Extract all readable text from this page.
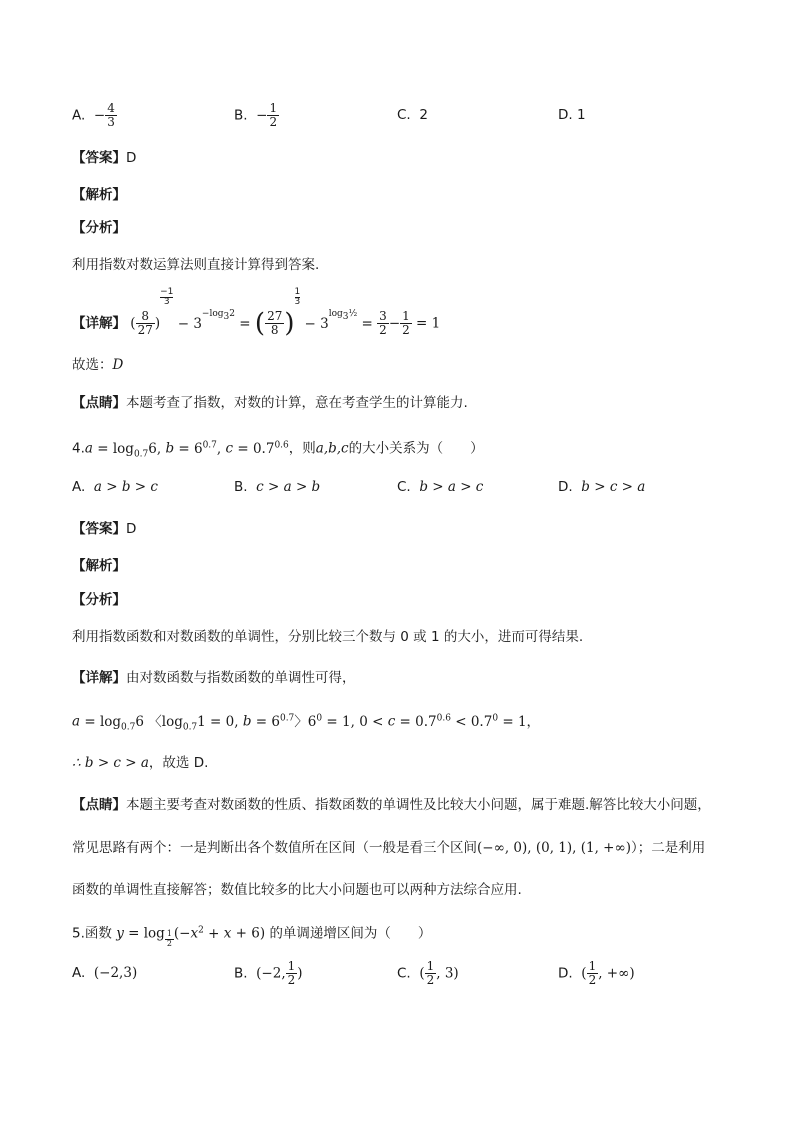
A. − $\frac{4}{3}$	B. − $\frac{1}{2}$	C. 2	D. 1
【答案】D
【解析】
【分析】
利用指数对数运算法则直接计算得到答案.
【详解】 ( $\frac{8}{27}$ )
$\frac{-1}{3}$
− $3^{-log_32}$ = ( $\frac{27}{8}$ )
$\frac{1}{3}$
− $3^{log_3\frac{1}{2}} = \frac{3}{2} - \frac{1}{2} = 1$
故选：D
【点睛】本题考查了指数，对数的计算，意在考查学生的计算能力.
$4.a = \log_{0.7}6$, $b = 6^{0.7}$, $c = 0.7^{0.6}$，则a,b,c的大小关系为（　　）
A. a > b > c	B. c > a > b	C. b > a > c	D. b > c > a
【答案】D
【解析】
【分析】
利用指数函数和对数函数的单调性，分别比较三个数与 0 或 1 的大小，进而可得结果.
【详解】由对数函数与指数函数的单调性可得，
$a = \log_{0.7}6$ 〈$\log_{0.7}1 = 0$, $b = 6^{0.7}$〉$6^0 = 1$, $0 < c = 0.7^{0.6} < 0.7^0 = 1$，
∴ b > c > a，故选 D.
【点睛】本题主要考查对数函数的性质、指数函数的单调性及比较大小问题，属于难题.解答比较大小问题，
常见思路有两个：一是判断出各个数值所在区间（一般是看三个区间(−∞, 0), (0, 1), (1, +∞)）；二是利用
函数的单调性直接解答；数值比较多的比大小问题也可以两种方法综合应用.
5.函数 $y = \log \frac{1}{2} (-x^2 + x + 6)$ 的单调递增区间为（　　）
A. (−2,3)	B. (−2, $\frac{1}{2}$ )	C. ( $\frac{1}{2}$ , 3)	D. ( $\frac{1}{2}$ , +∞)
